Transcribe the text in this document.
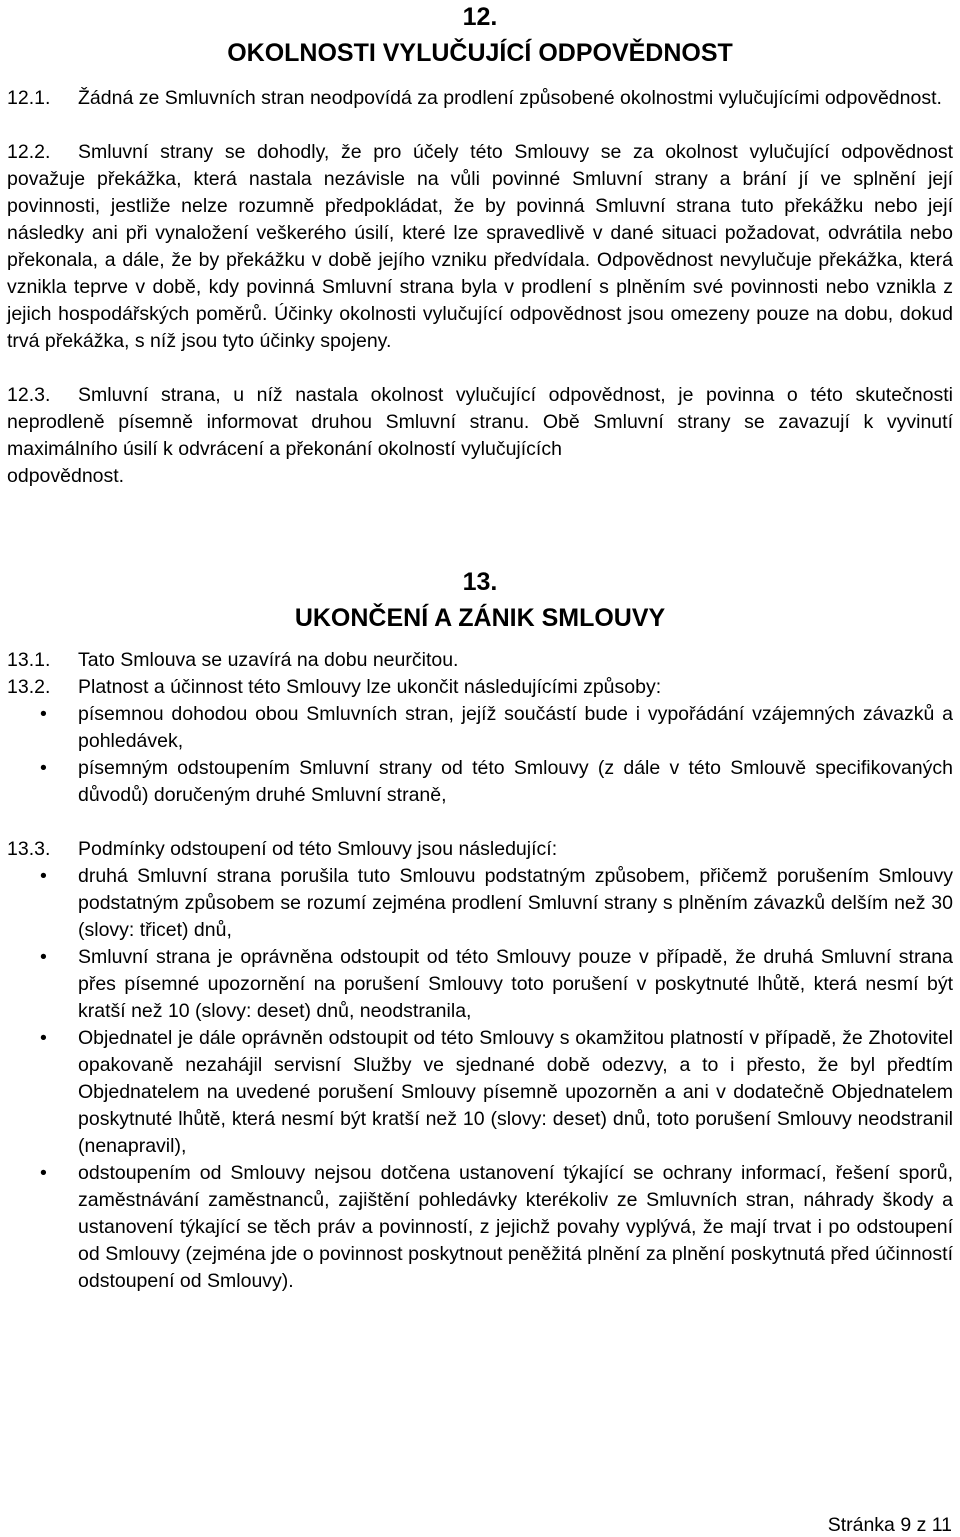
12.
OKOLNOSTI VYLUČUJÍCÍ ODPOVĚDNOST
12.1.	Žádná ze Smluvních stran neodpovídá za prodlení způsobené okolnostmi vylučujícími odpovědnost.
12.2. Smluvní strany se dohodly, že pro účely této Smlouvy se za okolnost vylučující odpovědnost považuje překážka, která nastala nezávisle na vůli povinné Smluvní strany a brání jí ve splnění její povinnosti, jestliže nelze rozumně předpokládat, že by povinná Smluvní strana tuto překážku nebo její následky ani při vynaložení veškerého úsilí, které lze spravedlivě v dané situaci požadovat, odvrátila nebo překonala, a dále, že by překážku v době jejího vzniku předvídala. Odpovědnost nevylučuje překážka, která vznikla teprve v době, kdy povinná Smluvní strana byla v prodlení s plněním své povinnosti nebo vznikla z jejich hospodářských poměrů. Účinky okolnosti vylučující odpovědnost jsou omezeny pouze na dobu, dokud trvá překážka, s níž jsou tyto účinky spojeny.
12.3. Smluvní strana, u níž nastala okolnost vylučující odpovědnost, je povinna o této skutečnosti neprodleně písemně informovat druhou Smluvní stranu. Obě Smluvní strany se zavazují k vyvinutí maximálního úsilí k odvrácení a překonání okolností vylučujících
odpovědnost.
13.
UKONČENÍ A ZÁNIK SMLOUVY
13.1.	Tato Smlouva se uzavírá na dobu neurčitou.
13.2.	Platnost a účinnost této Smlouvy lze ukončit následujícími způsoby:
•	písemnou dohodou obou Smluvních stran, jejíž součástí bude i vypořádání vzájemných závazků a pohledávek,
•	písemným odstoupením Smluvní strany od této Smlouvy (z dále v této Smlouvě specifikovaných důvodů) doručeným druhé Smluvní straně,
13.3.	Podmínky odstoupení od této Smlouvy jsou následující:
•	druhá Smluvní strana porušila tuto Smlouvu podstatným způsobem, přičemž porušením Smlouvy podstatným způsobem se rozumí zejména prodlení Smluvní strany s plněním závazků delším než 30 (slovy: třicet) dnů,
•	Smluvní strana je oprávněna odstoupit od této Smlouvy pouze v případě, že druhá Smluvní strana přes písemné upozornění na porušení Smlouvy toto porušení v poskytnuté lhůtě, která nesmí být kratší než 10 (slovy: deset) dnů, neodstranila,
•	Objednatel je dále oprávněn odstoupit od této Smlouvy s okamžitou platností v případě, že Zhotovitel opakovaně nezahájil servisní Služby ve sjednané době odezvy, a to i přesto, že byl předtím Objednatelem na uvedené porušení Smlouvy písemně upozorněn a ani v dodatečně Objednatelem poskytnuté lhůtě, která nesmí být kratší než 10 (slovy: deset) dnů, toto porušení Smlouvy neodstranil (nenapravil),
•	odstoupením od Smlouvy nejsou dotčena ustanovení týkající se ochrany informací, řešení sporů, zaměstnávání zaměstnanců, zajištění pohledávky kterékoliv ze Smluvních stran, náhrady škody a ustanovení týkající se těch práv a povinností, z jejichž povahy vyplývá, že mají trvat i po odstoupení od Smlouvy (zejména jde o povinnost poskytnout peněžitá plnění za plnění poskytnutá před účinností odstoupení od Smlouvy).
Stránka 9 z 11
